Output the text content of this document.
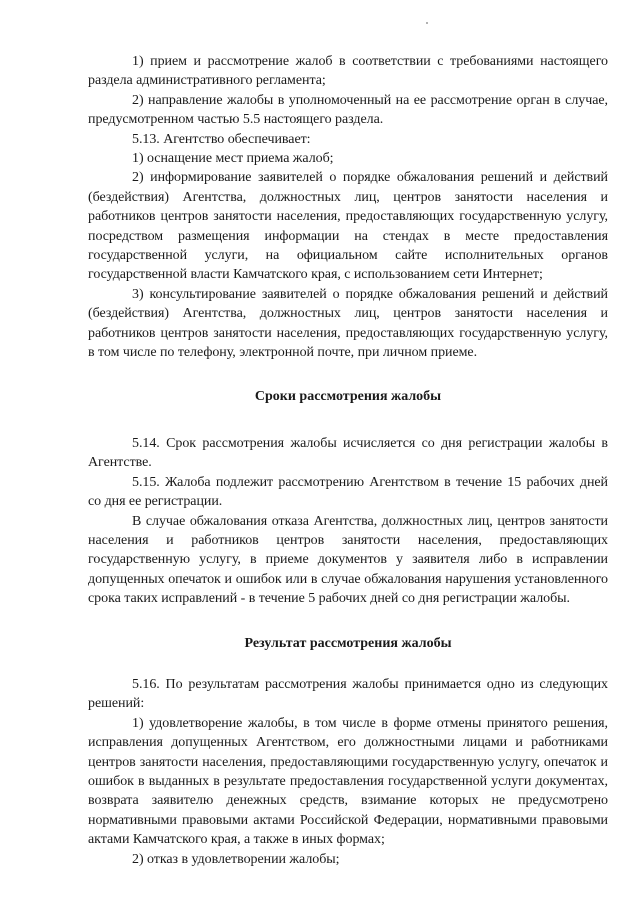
1) прием и рассмотрение жалоб в соответствии с требованиями настоящего раздела административного регламента;

2) направление жалобы в уполномоченный на ее рассмотрение орган в случае, предусмотренном частью 5.5 настоящего раздела.

5.13. Агентство обеспечивает:

1) оснащение мест приема жалоб;

2) информирование заявителей о порядке обжалования решений и действий (бездействия) Агентства, должностных лиц, центров занятости населения и работников центров занятости населения, предоставляющих государственную услугу, посредством размещения информации на стендах в месте предоставления государственной услуги, на официальном сайте исполнительных органов государственной власти Камчатского края, с использованием сети Интернет;

3) консультирование заявителей о порядке обжалования решений и действий (бездействия) Агентства, должностных лиц, центров занятости населения и работников центров занятости населения, предоставляющих государственную услугу, в том числе по телефону, электронной почте, при личном приеме.

Сроки рассмотрения жалобы

5.14. Срок рассмотрения жалобы исчисляется со дня регистрации жалобы в Агентстве.

5.15. Жалоба подлежит рассмотрению Агентством в течение 15 рабочих дней со дня ее регистрации.

В случае обжалования отказа Агентства, должностных лиц, центров занятости населения и работников центров занятости населения, предоставляющих государственную услугу, в приеме документов у заявителя либо в исправлении допущенных опечаток и ошибок или в случае обжалования нарушения установленного срока таких исправлений - в течение 5 рабочих дней со дня регистрации жалобы.

Результат рассмотрения жалобы

5.16. По результатам рассмотрения жалобы принимается одно из следующих решений:

1) удовлетворение жалобы, в том числе в форме отмены принятого решения, исправления допущенных Агентством, его должностными лицами и работниками центров занятости населения, предоставляющими государственную услугу, опечаток и ошибок в выданных в результате предоставления государственной услуги документах, возврата заявителю денежных средств, взимание которых не предусмотрено нормативными правовыми актами Российской Федерации, нормативными правовыми актами Камчатского края, а также в иных формах;

2) отказ в удовлетворении жалобы;
